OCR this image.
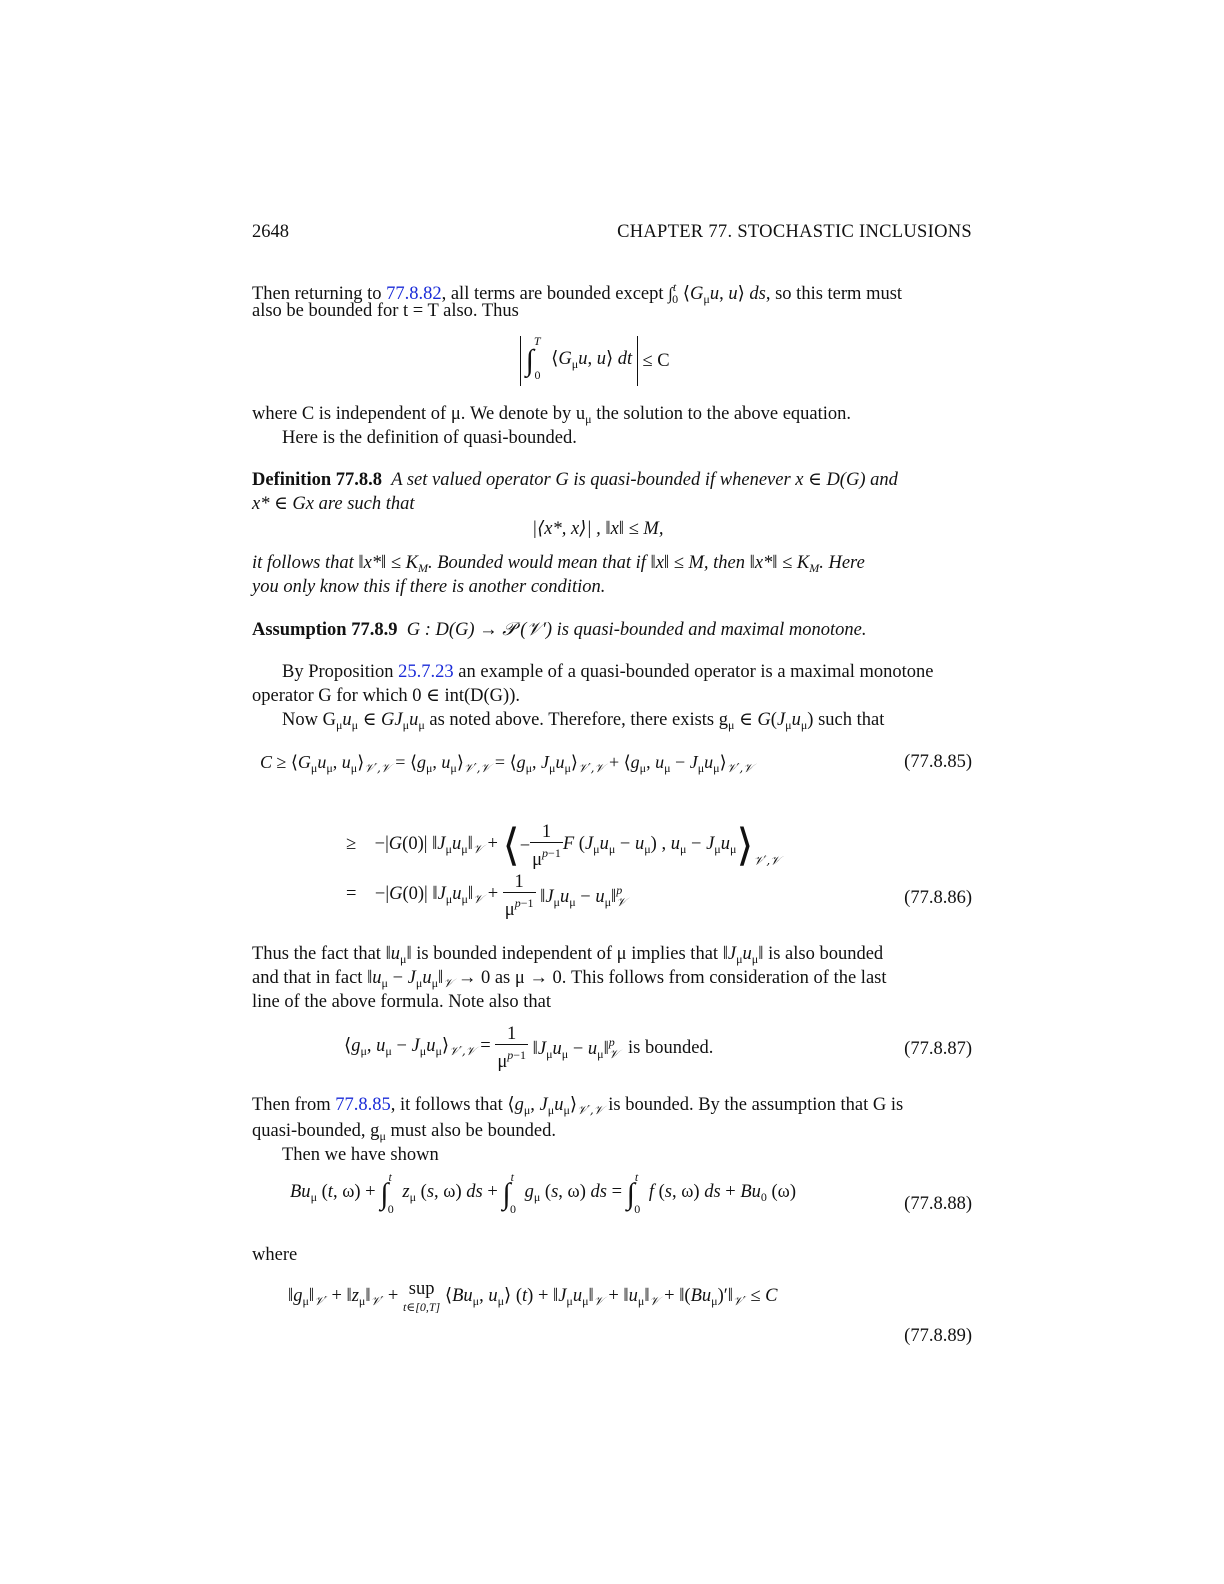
2648	CHAPTER 77. STOCHASTIC INCLUSIONS
Then returning to 77.8.82, all terms are bounded except ∫$^t_0$ $⟨G_\mu u$, u⟩ ds, so this term must
also be bounded for t = T also. Thus
∫$^T_0$ $⟨G_\mu u$, u⟩ dt ≤ C
where C is independent of μ. We denote by $u_\mu$ the solution to the above equation.
Here is the definition of quasi-bounded.
Definition 77.8.8 A set valued operator G is quasi-bounded if whenever x ∈ D(G) and
x* ∈ Gx are such that
|⟨x*, x⟩| , ‖x‖ ≤ M,
it follows that ‖x*‖ ≤ $K_M$. Bounded would mean that if ‖x‖ ≤ M, then ‖x*‖ ≤ $K_M$. Here
you only know this if there is another condition.
Assumption 77.8.9 G : D(G) → 𝒫 (𝒱′) is quasi-bounded and maximal monotone.
By Proposition 25.7.23 an example of a quasi-bounded operator is a maximal monotone
operator G for which 0 ∈ int(D(G)).
Now $G_\mu u_\mu$ ∈ $GJ_\mu u_\mu$ as noted above. Therefore, there exists $g_\mu$ ∈ $G(J_\mu u_\mu)$ such that
$C \ge ⟨G_\mu u_\mu$, $u_\mu⟩_{𝒱',𝒱}$ = $⟨g_\mu$, $u_\mu⟩_{𝒱',𝒱}$ = $⟨g_\mu$, $J_\mu u_\mu⟩_{𝒱',𝒱}$ + $⟨g_\mu$, $u_\mu$ − $J_\mu u_\mu⟩_{𝒱',𝒱}$	(77.8.85)
≥    −|G(0)| $‖J_\mu u_\mu‖_𝒱$ + ⟨− $\frac{1}{\mu^{p-1}}$ F $(J_\mu u_\mu - u_\mu)$ , $u_\mu$ − $J_\mu u_\mu⟩_{𝒱',𝒱}$
=    −|G(0)| $‖J_\mu u_\mu‖_𝒱 + \frac{1}{\mu^{p-1}}$ $‖J_\mu u_\mu$ − $u_\mu‖^p_𝒱$	(77.8.86)
Thus the fact that $‖u_\mu‖$ is bounded independent of μ implies that $‖J_\mu u_\mu‖$ is also bounded
and that in fact $‖u_\mu$ − $J_\mu u_\mu‖_𝒱 \to 0$ as μ → 0. This follows from consideration of the last
line of the above formula. Note also that
$⟨g_\mu$, $u_\mu$ − $J_\mu u_\mu⟩_{𝒱',𝒱} = \frac{1}{\mu^{p-1}}$ $‖J_\mu u_\mu$ − $u_\mu‖^p_𝒱$ is bounded.	(77.8.87)
Then from 77.8.85, it follows that $⟨g_\mu$, $J_\mu u_\mu⟩_{𝒱',𝒱}$ is bounded. By the assumption that G is
quasi-bounded, $g_\mu$ must also be bounded.
Then we have shown
$Bu_\mu$ (t, ω) + ∫$^t_0$ $z_\mu$ (s, ω) ds + ∫$^t_0$ $g_\mu$ (s, ω) ds = ∫$^t_0$ f (s, ω) ds + $Bu_0$ (ω)
(77.8.88)
where
$‖g_\mu‖_{𝒱'}$ + $‖z_\mu‖_{𝒱'}$ + sup
t∈[0,T]
$⟨Bu_\mu$, $u_\mu⟩$ $(t) + ‖J_\mu u_\mu‖_𝒱$ + $‖u_\mu‖_𝒱$ + $‖(Bu_\mu)'‖_{𝒱'} \le C$
(77.8.89)
